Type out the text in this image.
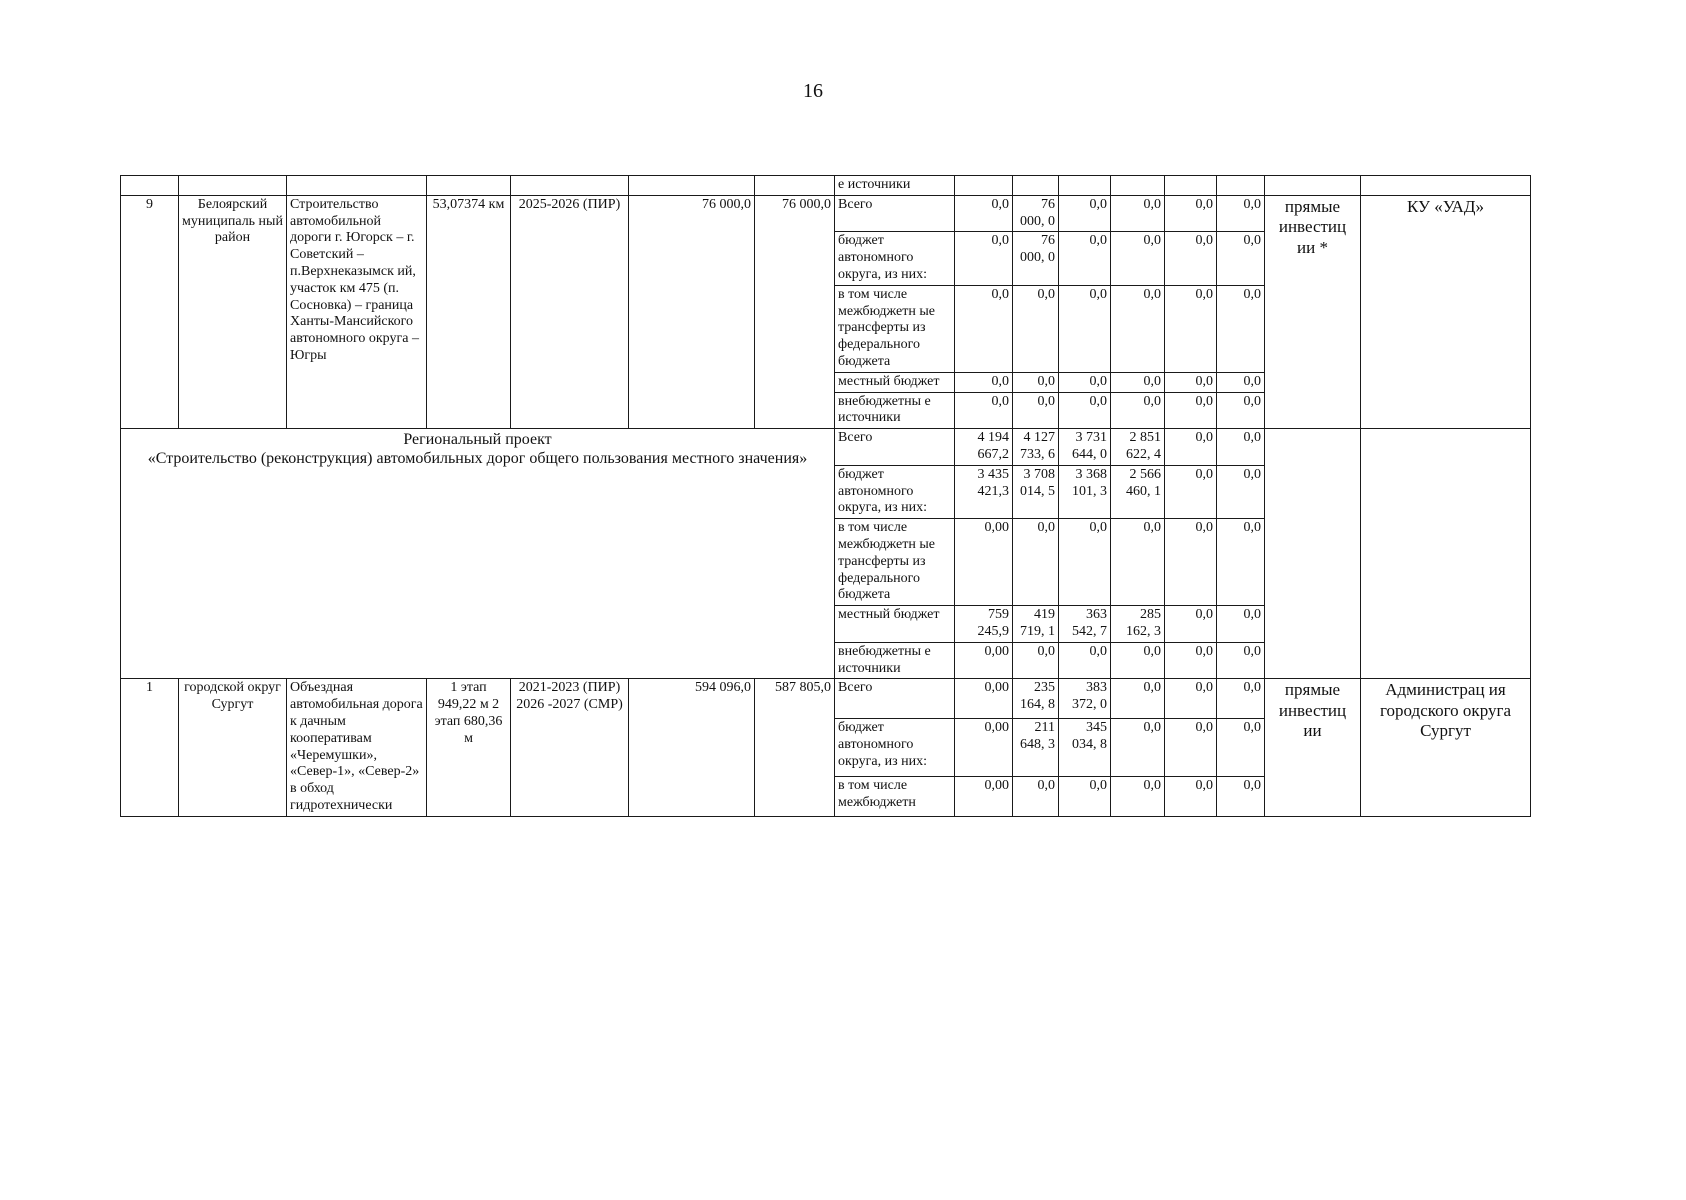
16
							е источники								
9	Белоярский муниципаль ный район	Строительство автомобильной дороги г. Югорск – г. Советский – п.Верхнеказымск ий, участок км 475 (п. Сосновка) – граница Ханты-Мансийского автономного округа – Югры	53,07374 км	2025-2026 (ПИР)	76 000,0	76 000,0	Всего	0,0	76 000, 0	0,0	0,0	0,0	0,0	прямые инвестиц ии *	КУ «УАД»
							бюджет автономного округа, из них:	0,0	76 000, 0	0,0	0,0	0,0	0,0		
							в том числе межбюджетн ые трансферты из федерального бюджета	0,0	0,0	0,0	0,0	0,0	0,0		
							местный бюджет	0,0	0,0	0,0	0,0	0,0	0,0		
							внебюджетны е источники	0,0	0,0	0,0	0,0	0,0	0,0		

Региональный проект
«Строительство (реконструкция) автомобильных дорог общего пользования местного значения»							Всего	4 194 667,2	4 127 733, 6	3 731 644, 0	2 851 622, 4	0,0	0,0		
							бюджет автономного округа, из них:	3 435 421,3	3 708 014, 5	3 368 101, 3	2 566 460, 1	0,0	0,0		
							в том числе межбюджетн ые трансферты из федерального бюджета	0,00	0,0	0,0	0,0	0,0	0,0		
							местный бюджет	759 245,9	419 719, 1	363 542, 7	285 162, 3	0,0	0,0		
							внебюджетны е источники	0,00	0,0	0,0	0,0	0,0	0,0		
1	городской округ Сургут	Объездная автомобильная дорога к дачным кооперативам «Черемушки», «Север-1», «Север-2» в обход гидротехнически	1 этап 949,22 м 2 этап 680,36 м	2021-2023 (ПИР) 2026 -2027 (СМР)	594 096,0	587 805,0	Всего	0,00	235 164, 8	383 372, 0	0,0	0,0	0,0	прямые инвестиц ии	Администрац ия городского округа Сургут
							бюджет автономного округа, из них:	0,00	211 648, 3	345 034, 8	0,0	0,0	0,0		
							в том числе межбюджетн	0,00	0,0	0,0	0,0	0,0	0,0		
